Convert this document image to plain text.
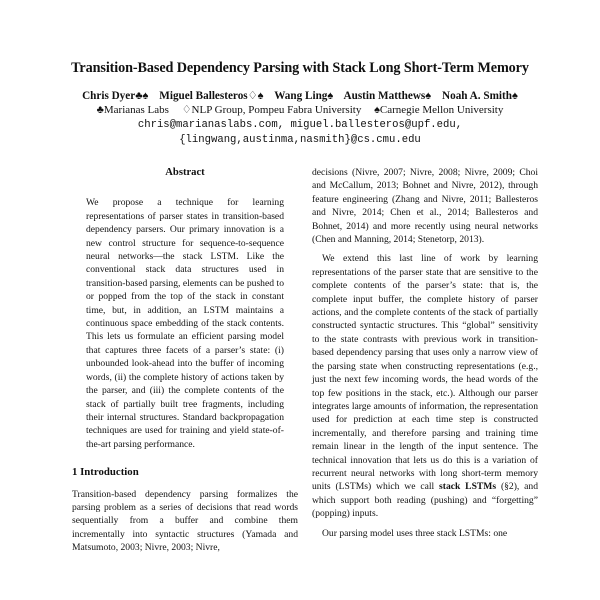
Transition-Based Dependency Parsing with Stack Long Short-Term Memory
Chris Dyer♣♠ Miguel Ballesteros♢♠ Wang Ling♠ Austin Matthews♠ Noah A. Smith♠
♣Marianas Labs ♢NLP Group, Pompeu Fabra University ♠Carnegie Mellon University
chris@marianaslabs.com, miguel.ballesteros@upf.edu,
{lingwang,austinma,nasmith}@cs.cmu.edu
Abstract

We propose a technique for learning representations of parser states in transition-based dependency parsers. Our primary innovation is a new control structure for sequence-to-sequence neural networks—the stack LSTM. Like the conventional stack data structures used in transition-based parsing, elements can be pushed to or popped from the top of the stack in constant time, but, in addition, an LSTM maintains a continuous space embedding of the stack contents. This lets us formulate an efficient parsing model that captures three facets of a parser’s state: (i) unbounded look-ahead into the buffer of incoming words, (ii) the complete history of actions taken by the parser, and (iii) the complete contents of the stack of partially built tree fragments, including their internal structures. Standard backpropagation techniques are used for training and yield state-of-the-art parsing performance.

1 Introduction

Transition-based dependency parsing formalizes the parsing problem as a series of decisions that read words sequentially from a buffer and combine them incrementally into syntactic structures (Yamada and Matsumoto, 2003; Nivre, 2003; Nivre,

decisions (Nivre, 2007; Nivre, 2008; Nivre, 2009; Choi and McCallum, 2013; Bohnet and Nivre, 2012), through feature engineering (Zhang and Nivre, 2011; Ballesteros and Nivre, 2014; Chen et al., 2014; Ballesteros and Bohnet, 2014) and more recently using neural networks (Chen and Manning, 2014; Stenetorp, 2013).

We extend this last line of work by learning representations of the parser state that are sensitive to the complete contents of the parser’s state: that is, the complete input buffer, the complete history of parser actions, and the complete contents of the stack of partially constructed syntactic structures. This “global” sensitivity to the state contrasts with previous work in transition-based dependency parsing that uses only a narrow view of the parsing state when constructing representations (e.g., just the next few incoming words, the head words of the top few positions in the stack, etc.). Although our parser integrates large amounts of information, the representation used for prediction at each time step is constructed incrementally, and therefore parsing and training time remain linear in the length of the input sentence. The technical innovation that lets us do this is a variation of recurrent neural networks with long short-term memory units (LSTMs) which we call stack LSTMs (§2), and which support both reading (pushing) and “forgetting” (popping) inputs.

Our parsing model uses three stack LSTMs: one
